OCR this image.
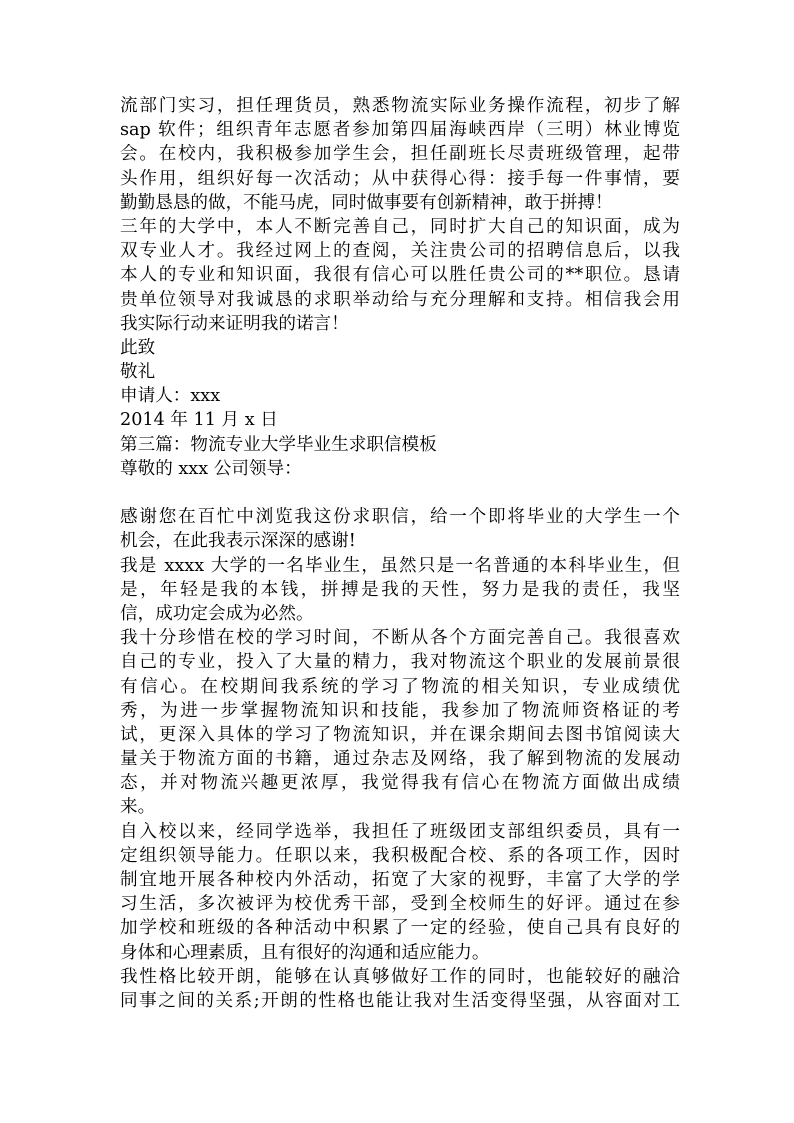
流部门实习，担任理货员，熟悉物流实际业务操作流程，初步了解
sap 软件；组织青年志愿者参加第四届海峡西岸（三明）林业博览
会。在校内，我积极参加学生会，担任副班长尽责班级管理，起带
头作用，组织好每一次活动；从中获得心得：接手每一件事情，要
勤勤恳恳的做，不能马虎，同时做事要有创新精神，敢于拼搏！
三年的大学中，本人不断完善自己，同时扩大自己的知识面，成为
双专业人才。我经过网上的查阅，关注贵公司的招聘信息后，以我
本人的专业和知识面，我很有信心可以胜任贵公司的**职位。恳请
贵单位领导对我诚恳的求职举动给与充分理解和支持。相信我会用
我实际行动来证明我的诺言！
此致
敬礼
申请人：xxx
2014 年 11 月 x 日
第三篇：物流专业大学毕业生求职信模板
尊敬的 xxx 公司领导：
感谢您在百忙中浏览我这份求职信，给一个即将毕业的大学生一个
机会，在此我表示深深的感谢!
我是 xxxx 大学的一名毕业生，虽然只是一名普通的本科毕业生，但
是，年轻是我的本钱，拼搏是我的天性，努力是我的责任，我坚
信，成功定会成为必然。
我十分珍惜在校的学习时间，不断从各个方面完善自己。我很喜欢
自己的专业，投入了大量的精力，我对物流这个职业的发展前景很
有信心。在校期间我系统的学习了物流的相关知识，专业成绩优
秀，为进一步掌握物流知识和技能，我参加了物流师资格证的考
试，更深入具体的学习了物流知识，并在课余期间去图书馆阅读大
量关于物流方面的书籍，通过杂志及网络，我了解到物流的发展动
态，并对物流兴趣更浓厚，我觉得我有信心在物流方面做出成绩
来。
自入校以来，经同学选举，我担任了班级团支部组织委员，具有一
定组织领导能力。任职以来，我积极配合校、系的各项工作，因时
制宜地开展各种校内外活动，拓宽了大家的视野，丰富了大学的学
习生活，多次被评为校优秀干部，受到全校师生的好评。通过在参
加学校和班级的各种活动中积累了一定的经验，使自己具有良好的
身体和心理素质，且有很好的沟通和适应能力。
我性格比较开朗，能够在认真够做好工作的同时，也能较好的融洽
同事之间的关系;开朗的性格也能让我对生活变得坚强，从容面对工
